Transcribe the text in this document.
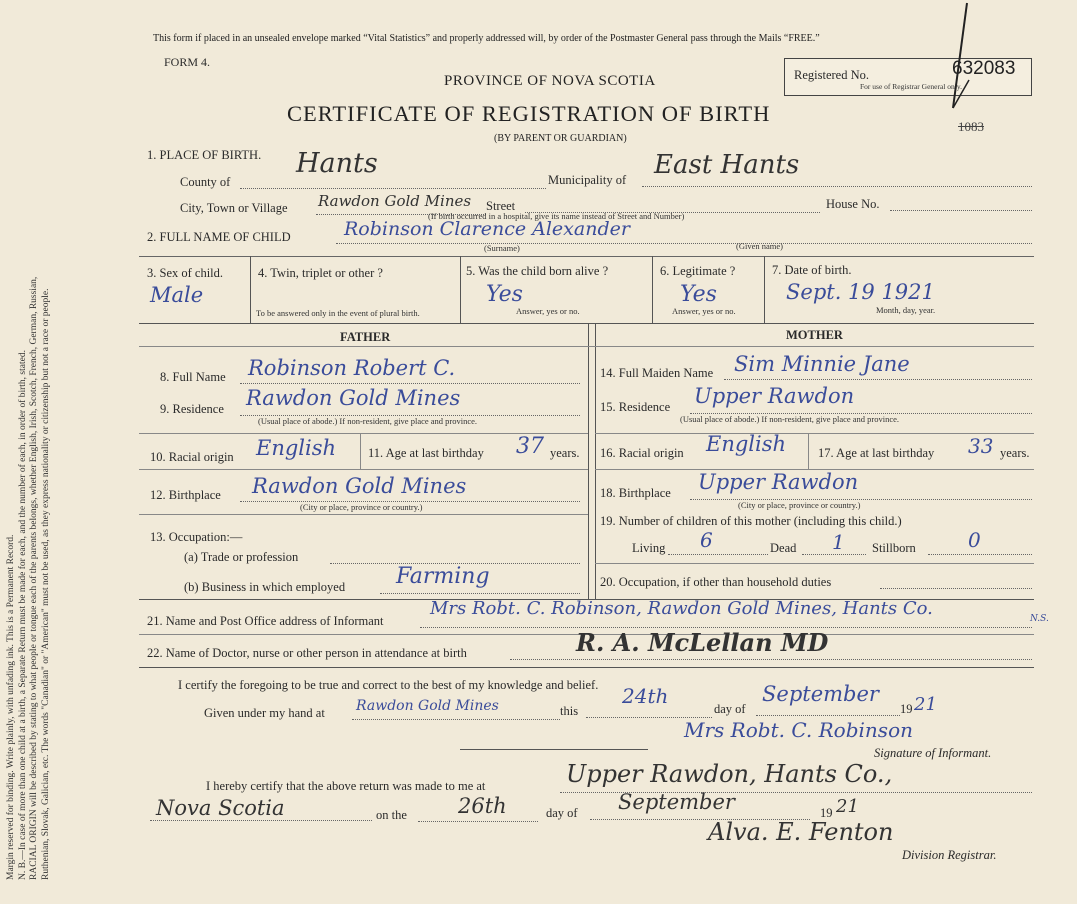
Margin reserved for binding. Write plainly, with unfading ink. This is a Permanent Record. N. B.—In case of more than one child at a birth, a Separate Return must be made for each, and the number of each, in order of birth, stated. RACIAL ORIGIN will be described by stating to what people or tongue each of the parents belongs, whether English, Irish, Scotch, French, German, Russian, Ruthenian, Slovak, Galician, etc. The words "Canadian" or "American" must not be used, as they express nationality or citizenship but not a race or people.
This form if placed in an unsealed envelope marked “Vital Statistics” and properly addressed will, by order of the Postmaster General pass through the Mails “FREE.”
FORM 4.
PROVINCE OF NOVA SCOTIA
CERTIFICATE OF REGISTRATION OF BIRTH
(BY PARENT OR GUARDIAN)
Registered No.	632083
For use of Registrar General only.
1083
1. PLACE OF BIRTH.
County of
Hants
Municipality of East Hants
City, Town or Village Rawdon Gold Mines Street
(If birth occurred in a hospital, give its name instead of Street and Number)
House No.
2. FULL NAME OF CHILD	Robinson Clarence Alexander
(Surname)	(Given name)
3. Sex of child.
Male
4. Twin, triplet or other ?
To be answered only in the event of plural birth.
5. Was the child born alive ?
Yes
Answer, yes or no.
6. Legitimate ?
Yes
Answer, yes or no.
7. Date of birth.
Sept. 19 1921
Month, day, year.
FATHER	MOTHER
8. Full Name Robinson Robert C.
9. Residence Rawdon Gold Mines
(Usual place of abode.) If non-resident, give place and province.
10. Racial origin English	11. Age at last birthday 37 years.
12. Birthplace Rawdon Gold Mines
(City or place, province or country.)
13. Occupation:—
(a) Trade or profession
(b) Business in which employed Farming
14. Full Maiden Name Sim Minnie Jane
15. Residence Upper Rawdon
(Usual place of abode.) If non-resident, give place and province.
16. Racial origin English	17. Age at last birthday 33 years.
18. Birthplace Upper Rawdon
(City or place, province or country.)
19. Number of children of this mother (including this child.)
Living 6	Dead 1 Stillborn	0
20. Occupation, if other than household duties
21. Name and Post Office address of Informant
Mrs Robt. C. Robinson, Rawdon Gold Mines, Hants Co.	N.S.
22. Name of Doctor, nurse or other person in attendance at birth	R. A. McLellan MD
I certify the foregoing to be true and correct to the best of my knowledge and belief.
Given under my hand at Rawdon Gold Mines	this
24th
day of
September
19 21
Mrs Robt. C. Robinson
Signature of Informant.
I hereby certify that the above return was made to me at	Upper Rawdon, Hants Co.,
Nova Scotia	on the 26th	day of September	19 21
Alva. E. Fenton
Division Registrar.
